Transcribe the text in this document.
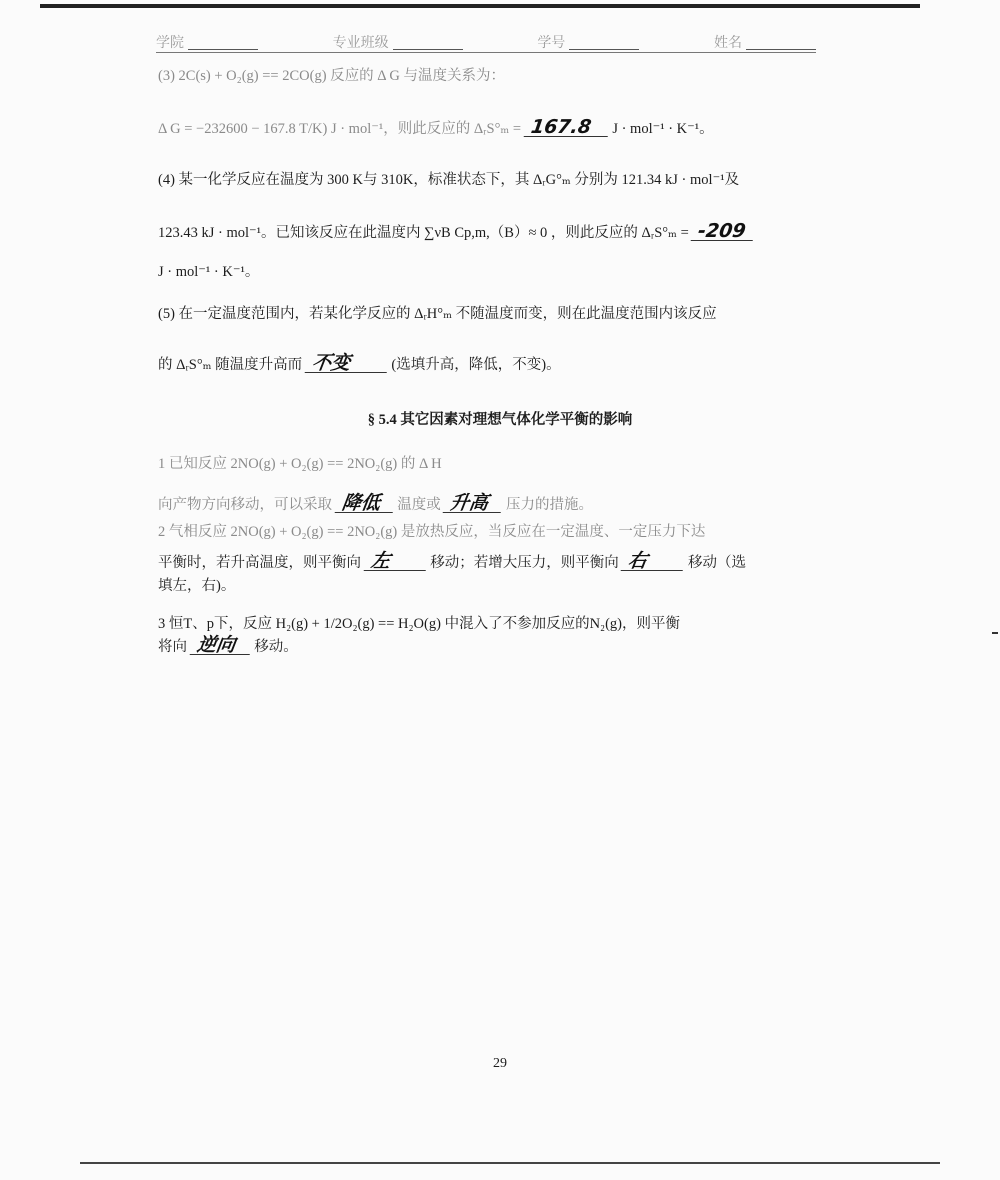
学院	专业班级	学号	姓名
(3) 2C(s) + O₂(g) == 2CO(g) 反应的 Δ G 与温度关系为：
Δ G = −232600 − 167.8 T/K) J · mol⁻¹，则此反应的 ΔᵣS°ₘ = 167.8 J · mol⁻¹ · K⁻¹。
(4) 某一化学反应在温度为 300 K与 310K，标准状态下，其 ΔᵣG°ₘ 分别为 121.34 kJ · mol⁻¹及
123.43 kJ · mol⁻¹。已知该反应在此温度内 ∑νB Cp,m,（B）≈ 0 ，则此反应的 ΔᵣS°ₘ = -209
J · mol⁻¹ · K⁻¹。
(5) 在一定温度范围内，若某化学反应的 ΔᵣH°ₘ 不随温度而变，则在此温度范围内该反应
的 ΔᵣS°ₘ 随温度升高而 不变	(选填升高，降低，不变)。
§ 5.4 其它因素对理想气体化学平衡的影响
1 已知反应 2NO(g) + O₂(g) == 2NO₂(g) 的 Δ H
向产物方向移动，可以采取 降低 温度或 升高 压力的措施。
2 气相反应 2NO(g) + O₂(g) == 2NO₂(g) 是放热反应，当反应在一定温度、一定压力下达
平衡时，若升高温度，则平衡向 左	移动；若增大压力，则平衡向 右	移动（选
填左，右)。
3 恒T、p下，反应 H₂(g) + 1/2O₂(g) == H₂O(g) 中混入了不参加反应的N₂(g)，则平衡
将向 逆向 移动。
29
